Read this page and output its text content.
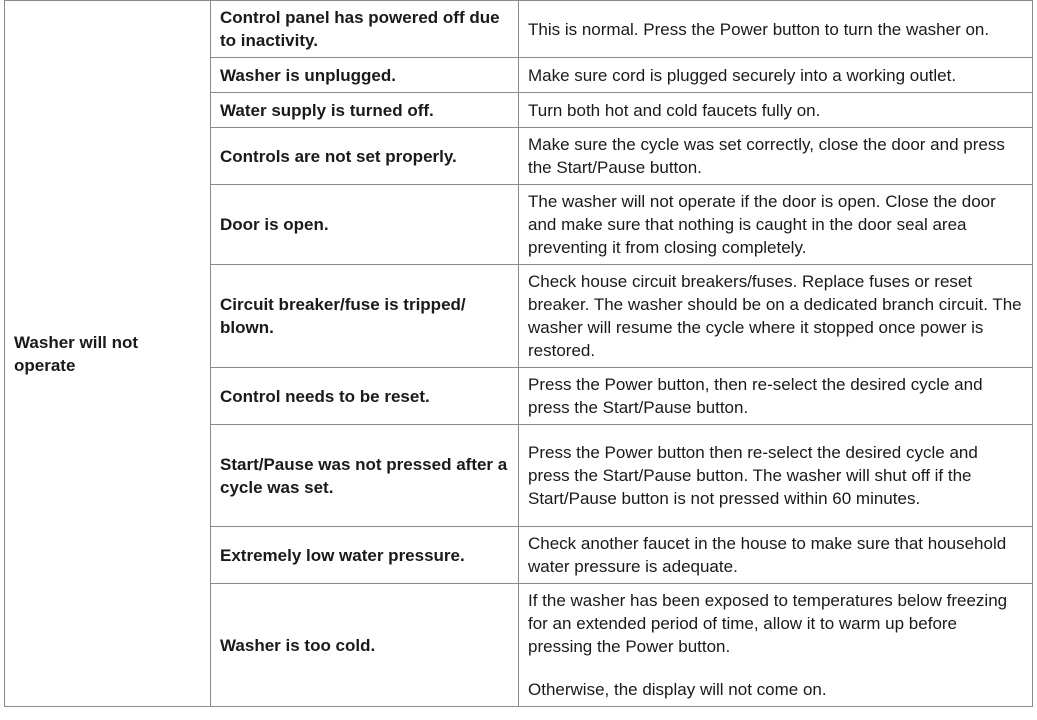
Washer will not operate	Control panel has powered off due to inactivity.	This is normal. Press the Power button to turn the washer on.
	Washer is unplugged.	Make sure cord is plugged securely into a working outlet.
	Water supply is turned off.	Turn both hot and cold faucets fully on.
	Controls are not set properly.	Make sure the cycle was set correctly, close the door and press the Start/Pause button.
	Door is open.	The washer will not operate if the door is open. Close the door and make sure that nothing is caught in the door seal area preventing it from closing completely.
	Circuit breaker/fuse is tripped/ blown.	Check house circuit breakers/fuses. Replace fuses or reset breaker. The washer should be on a dedicated branch circuit. The washer will resume the cycle where it stopped once power is restored.
	Control needs to be reset.	Press the Power button, then re-select the desired cycle and press the Start/Pause button.
	Start/Pause was not pressed after a cycle was set.	Press the Power button then re-select the desired cycle and press the Start/Pause button. The washer will shut off if the Start/Pause button is not pressed within 60 minutes.
	Extremely low water pressure.	Check another faucet in the house to make sure that household water pressure is adequate.
	Washer is too cold.	If the washer has been exposed to temperatures below freezing for an extended period of time, allow it to warm up before pressing the Power button.
Otherwise, the display will not come on.
